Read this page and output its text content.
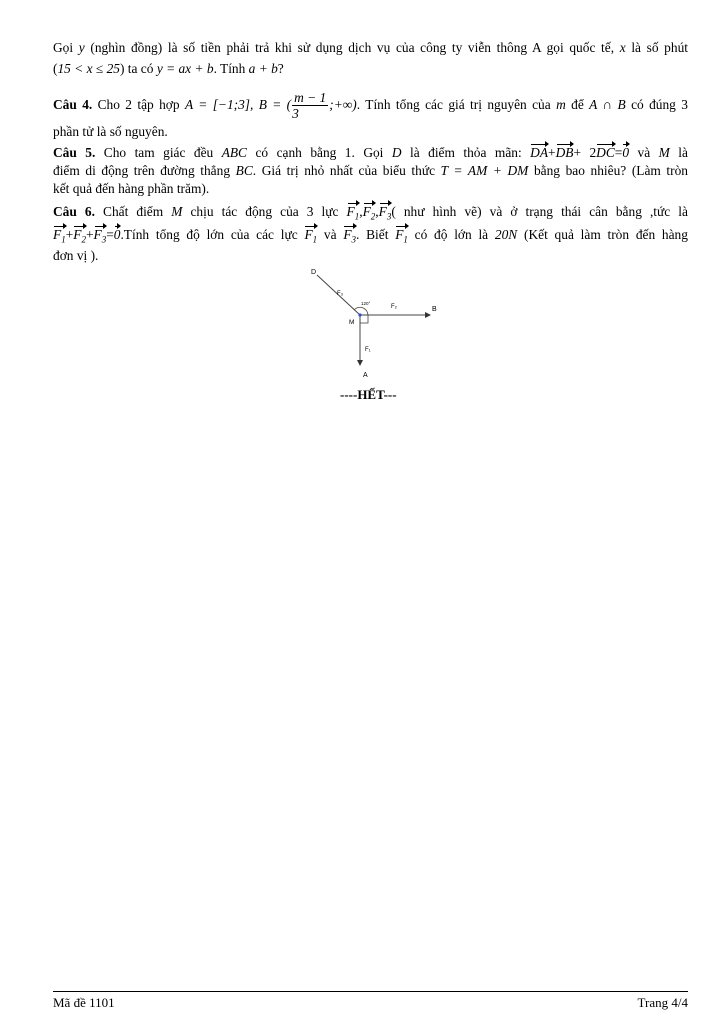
Gọi y (nghìn đồng) là số tiền phải trả khi sử dụng dịch vụ của công ty viễn thông A gọi quốc tế, x là số phút
(15 < x ≤ 25) ta có y = ax + b. Tính a + b?
Câu 4. Cho 2 tập hợp A = [−1;3], B = ( $\frac{m - 1}{3}$ ;+∞). Tính tổng các giá trị nguyên của m để A ∩ B có đúng 3
phần tử là số nguyên.
Câu 5. Cho tam giác đều ABC có cạnh bằng 1. Gọi D là điểm thỏa mãn: DA+DB+ 2DC=0 và M là
điểm di động trên đường thẳng BC. Giá trị nhỏ nhất của biểu thức T = AM + DM bằng bao nhiêu? (Làm tròn
kết quả đến hàng phần trăm).
Câu 6. Chất điểm M chịu tác động của 3 lực $F_1,F_2,F_3$( như hình vẽ) và ở trạng thái cân bằng ,tức là
$F_1+F_2+F_3=0.Tính$ tổng độ lớn của các lực $F_1$ và $F_3$. Biết $F_1$ có độ lớn là 20N (Kết quả làm tròn đến hàng
đơn vị ).
D
B
A
M
120°
F₃
F₂
F₁
----HẾT---
Mã đề 1101	Trang 4/4
